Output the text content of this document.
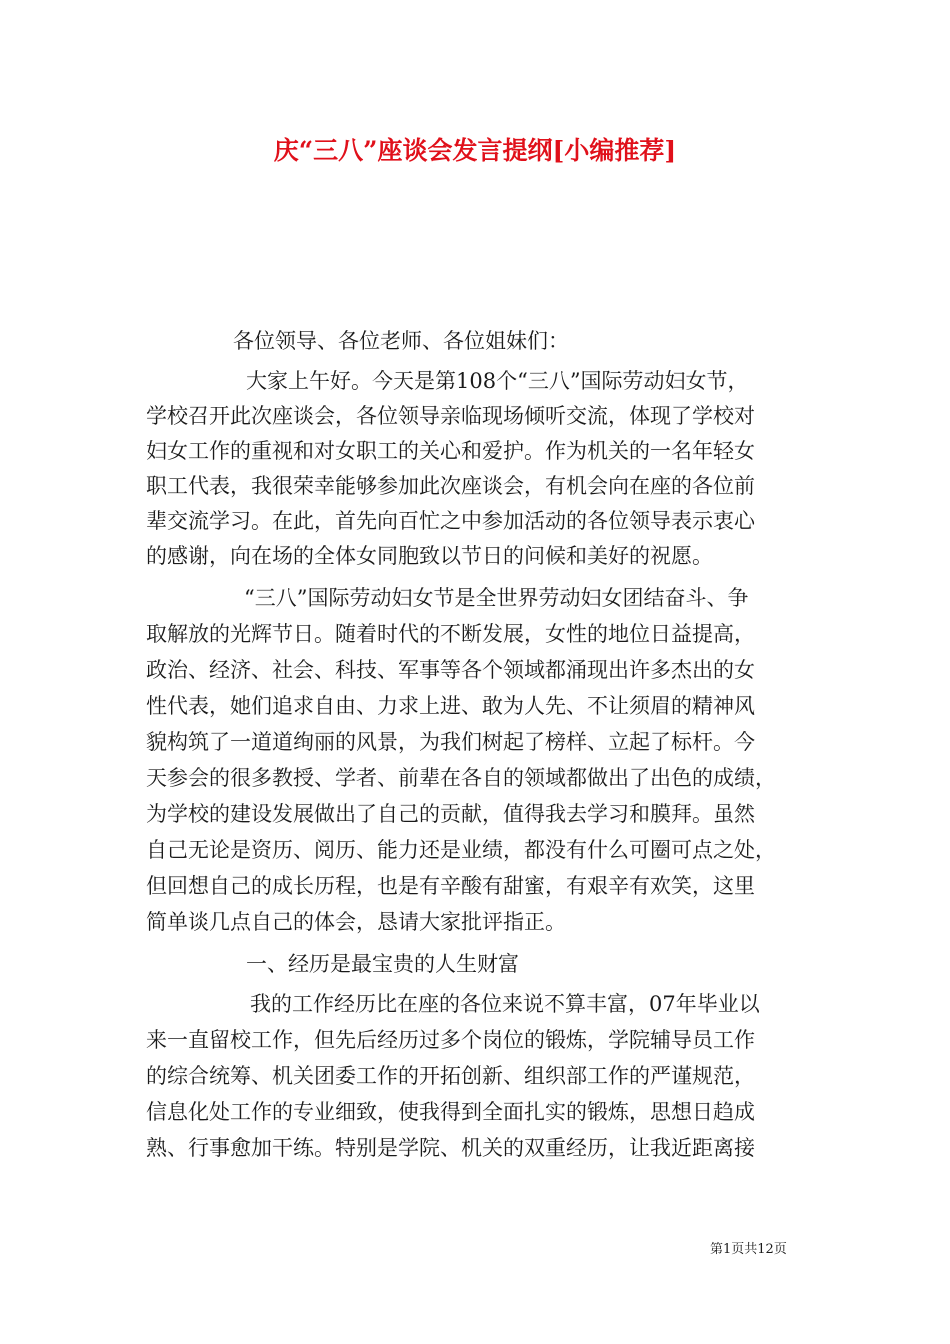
庆“三八”座谈会发言提纲[小编推荐]
各位领导、各位老师、各位姐妹们：
大家上午好。今天是第108个“三八”国际劳动妇女节，
学校召开此次座谈会，各位领导亲临现场倾听交流，体现了学校对
妇女工作的重视和对女职工的关心和爱护。作为机关的一名年轻女
职工代表，我很荣幸能够参加此次座谈会，有机会向在座的各位前
辈交流学习。在此，首先向百忙之中参加活动的各位领导表示衷心
的感谢，向在场的全体女同胞致以节日的问候和美好的祝愿。
“三八”国际劳动妇女节是全世界劳动妇女团结奋斗、争
取解放的光辉节日。随着时代的不断发展，女性的地位日益提高，
政治、经济、社会、科技、军事等各个领域都涌现出许多杰出的女
性代表，她们追求自由、力求上进、敢为人先、不让须眉的精神风
貌构筑了一道道绚丽的风景，为我们树起了榜样、立起了标杆。今
天参会的很多教授、学者、前辈在各自的领域都做出了出色的成绩，
为学校的建设发展做出了自己的贡献，值得我去学习和膜拜。虽然
自己无论是资历、阅历、能力还是业绩，都没有什么可圈可点之处，
但回想自己的成长历程，也是有辛酸有甜蜜，有艰辛有欢笑，这里
简单谈几点自己的体会，恳请大家批评指正。
一、经历是最宝贵的人生财富
我的工作经历比在座的各位来说不算丰富，07年毕业以
来一直留校工作，但先后经历过多个岗位的锻炼，学院辅导员工作
的综合统筹、机关团委工作的开拓创新、组织部工作的严谨规范，
信息化处工作的专业细致，使我得到全面扎实的锻炼，思想日趋成
熟、行事愈加干练。特别是学院、机关的双重经历，让我近距离接
第1页共12页
